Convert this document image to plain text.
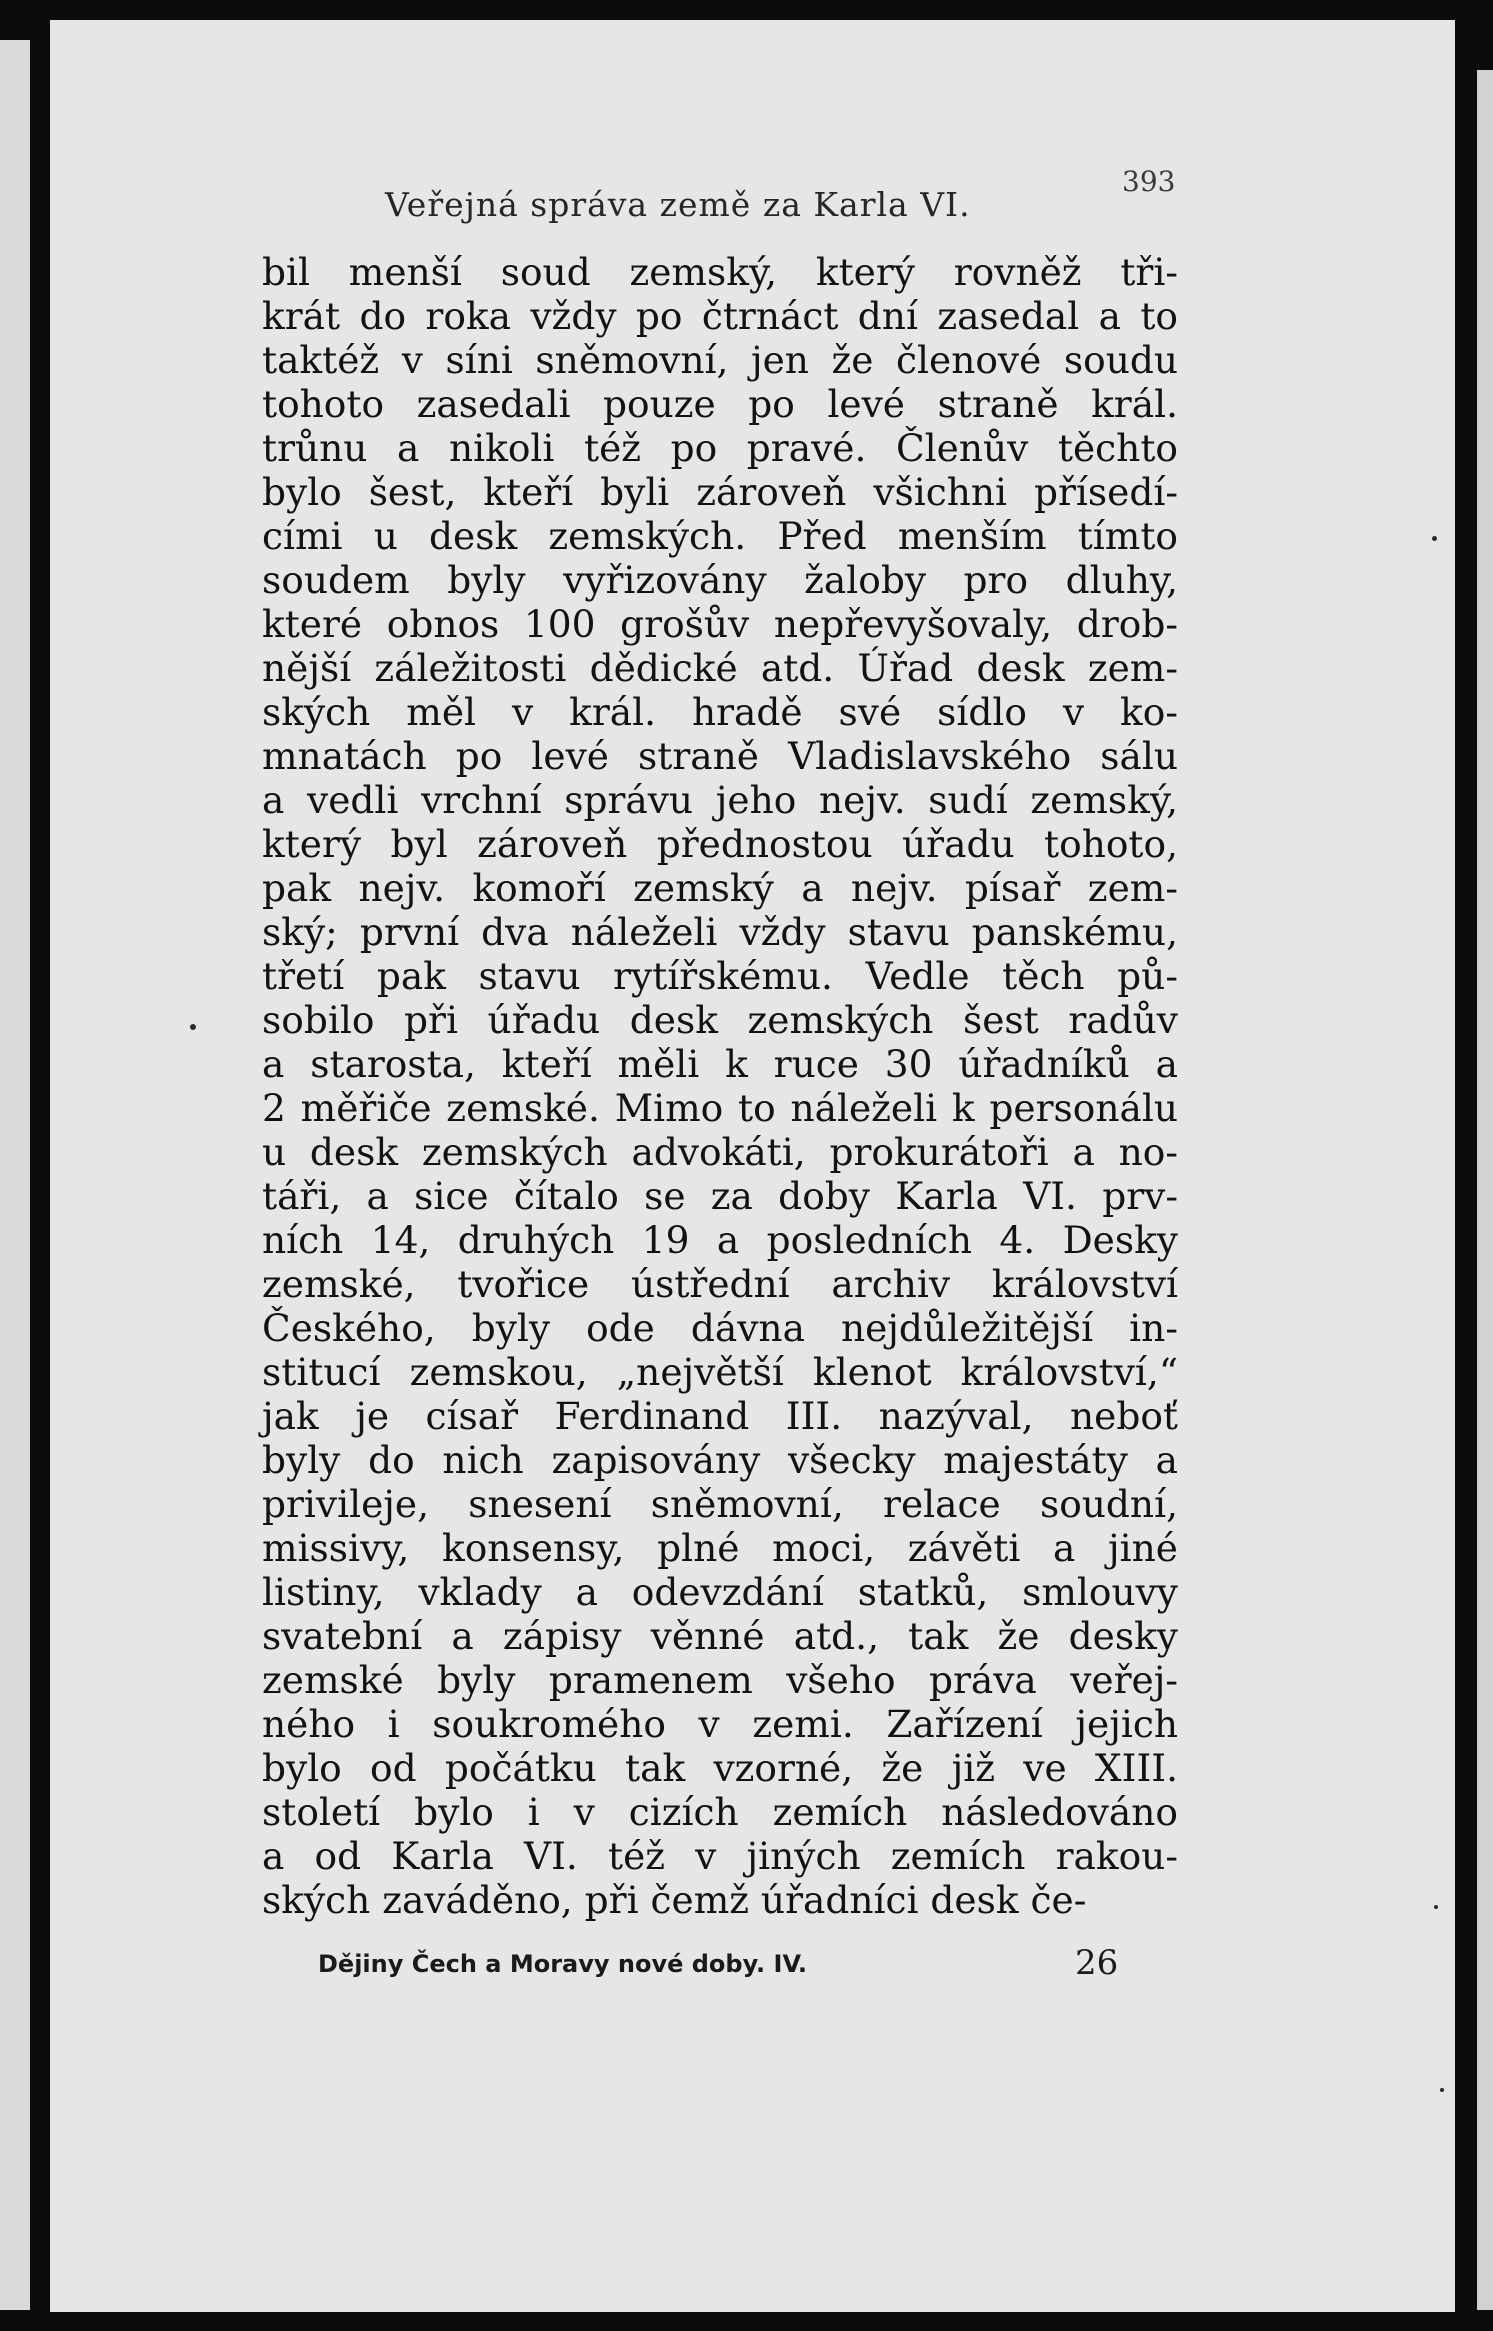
Veřejná správa země za Karla VI.
393
bil menší soud zemský, který rovněž tři-
krát do roka vždy po čtrnáct dní zasedal a to
taktéž v síni sněmovní, jen že členové soudu
tohoto zasedali pouze po levé straně král.
trůnu a nikoli též po pravé. Členův těchto
bylo šest, kteří byli zároveň všichni přísedí-
cími u desk zemských. Před menším tímto
soudem byly vyřizovány žaloby pro dluhy,
které obnos 100 grošův nepřevyšovaly, drob-
nější záležitosti dědické atd. Úřad desk zem-
ských měl v král. hradě své sídlo v ko-
mnatách po levé straně Vladislavského sálu
a vedli vrchní správu jeho nejv. sudí zemský,
který byl zároveň přednostou úřadu tohoto,
pak nejv. komoří zemský a nejv. písař zem-
ský; první dva náleželi vždy stavu panskému,
třetí pak stavu rytířskému. Vedle těch pů-
sobilo při úřadu desk zemských šest radův
a starosta, kteří měli k ruce 30 úřadníků a
2 měřiče zemské. Mimo to náleželi k personálu
u desk zemských advokáti, prokurátoři a no-
táři, a sice čítalo se za doby Karla VI. prv-
ních 14, druhých 19 a posledních 4. Desky
zemské, tvořice ústřední archiv království
Českého, byly ode dávna nejdůležitější in-
stitucí zemskou, „největší klenot království,“
jak je císař Ferdinand III. nazýval, neboť
byly do nich zapisovány všecky majestáty a
privileje, snesení sněmovní, relace soudní,
missivy, konsensy, plné moci, závěti a jiné
listiny, vklady a odevzdání statků, smlouvy
svatební a zápisy věnné atd., tak že desky
zemské byly pramenem všeho práva veřej-
ného i soukromého v zemi. Zařízení jejich
bylo od počátku tak vzorné, že již ve XIII.
století bylo i v cizích zemích následováno
a od Karla VI. též v jiných zemích rakou-
ských zaváděno, při čemž úřadníci desk če-
Dějiny Čech a Moravy nové doby. IV.	26
